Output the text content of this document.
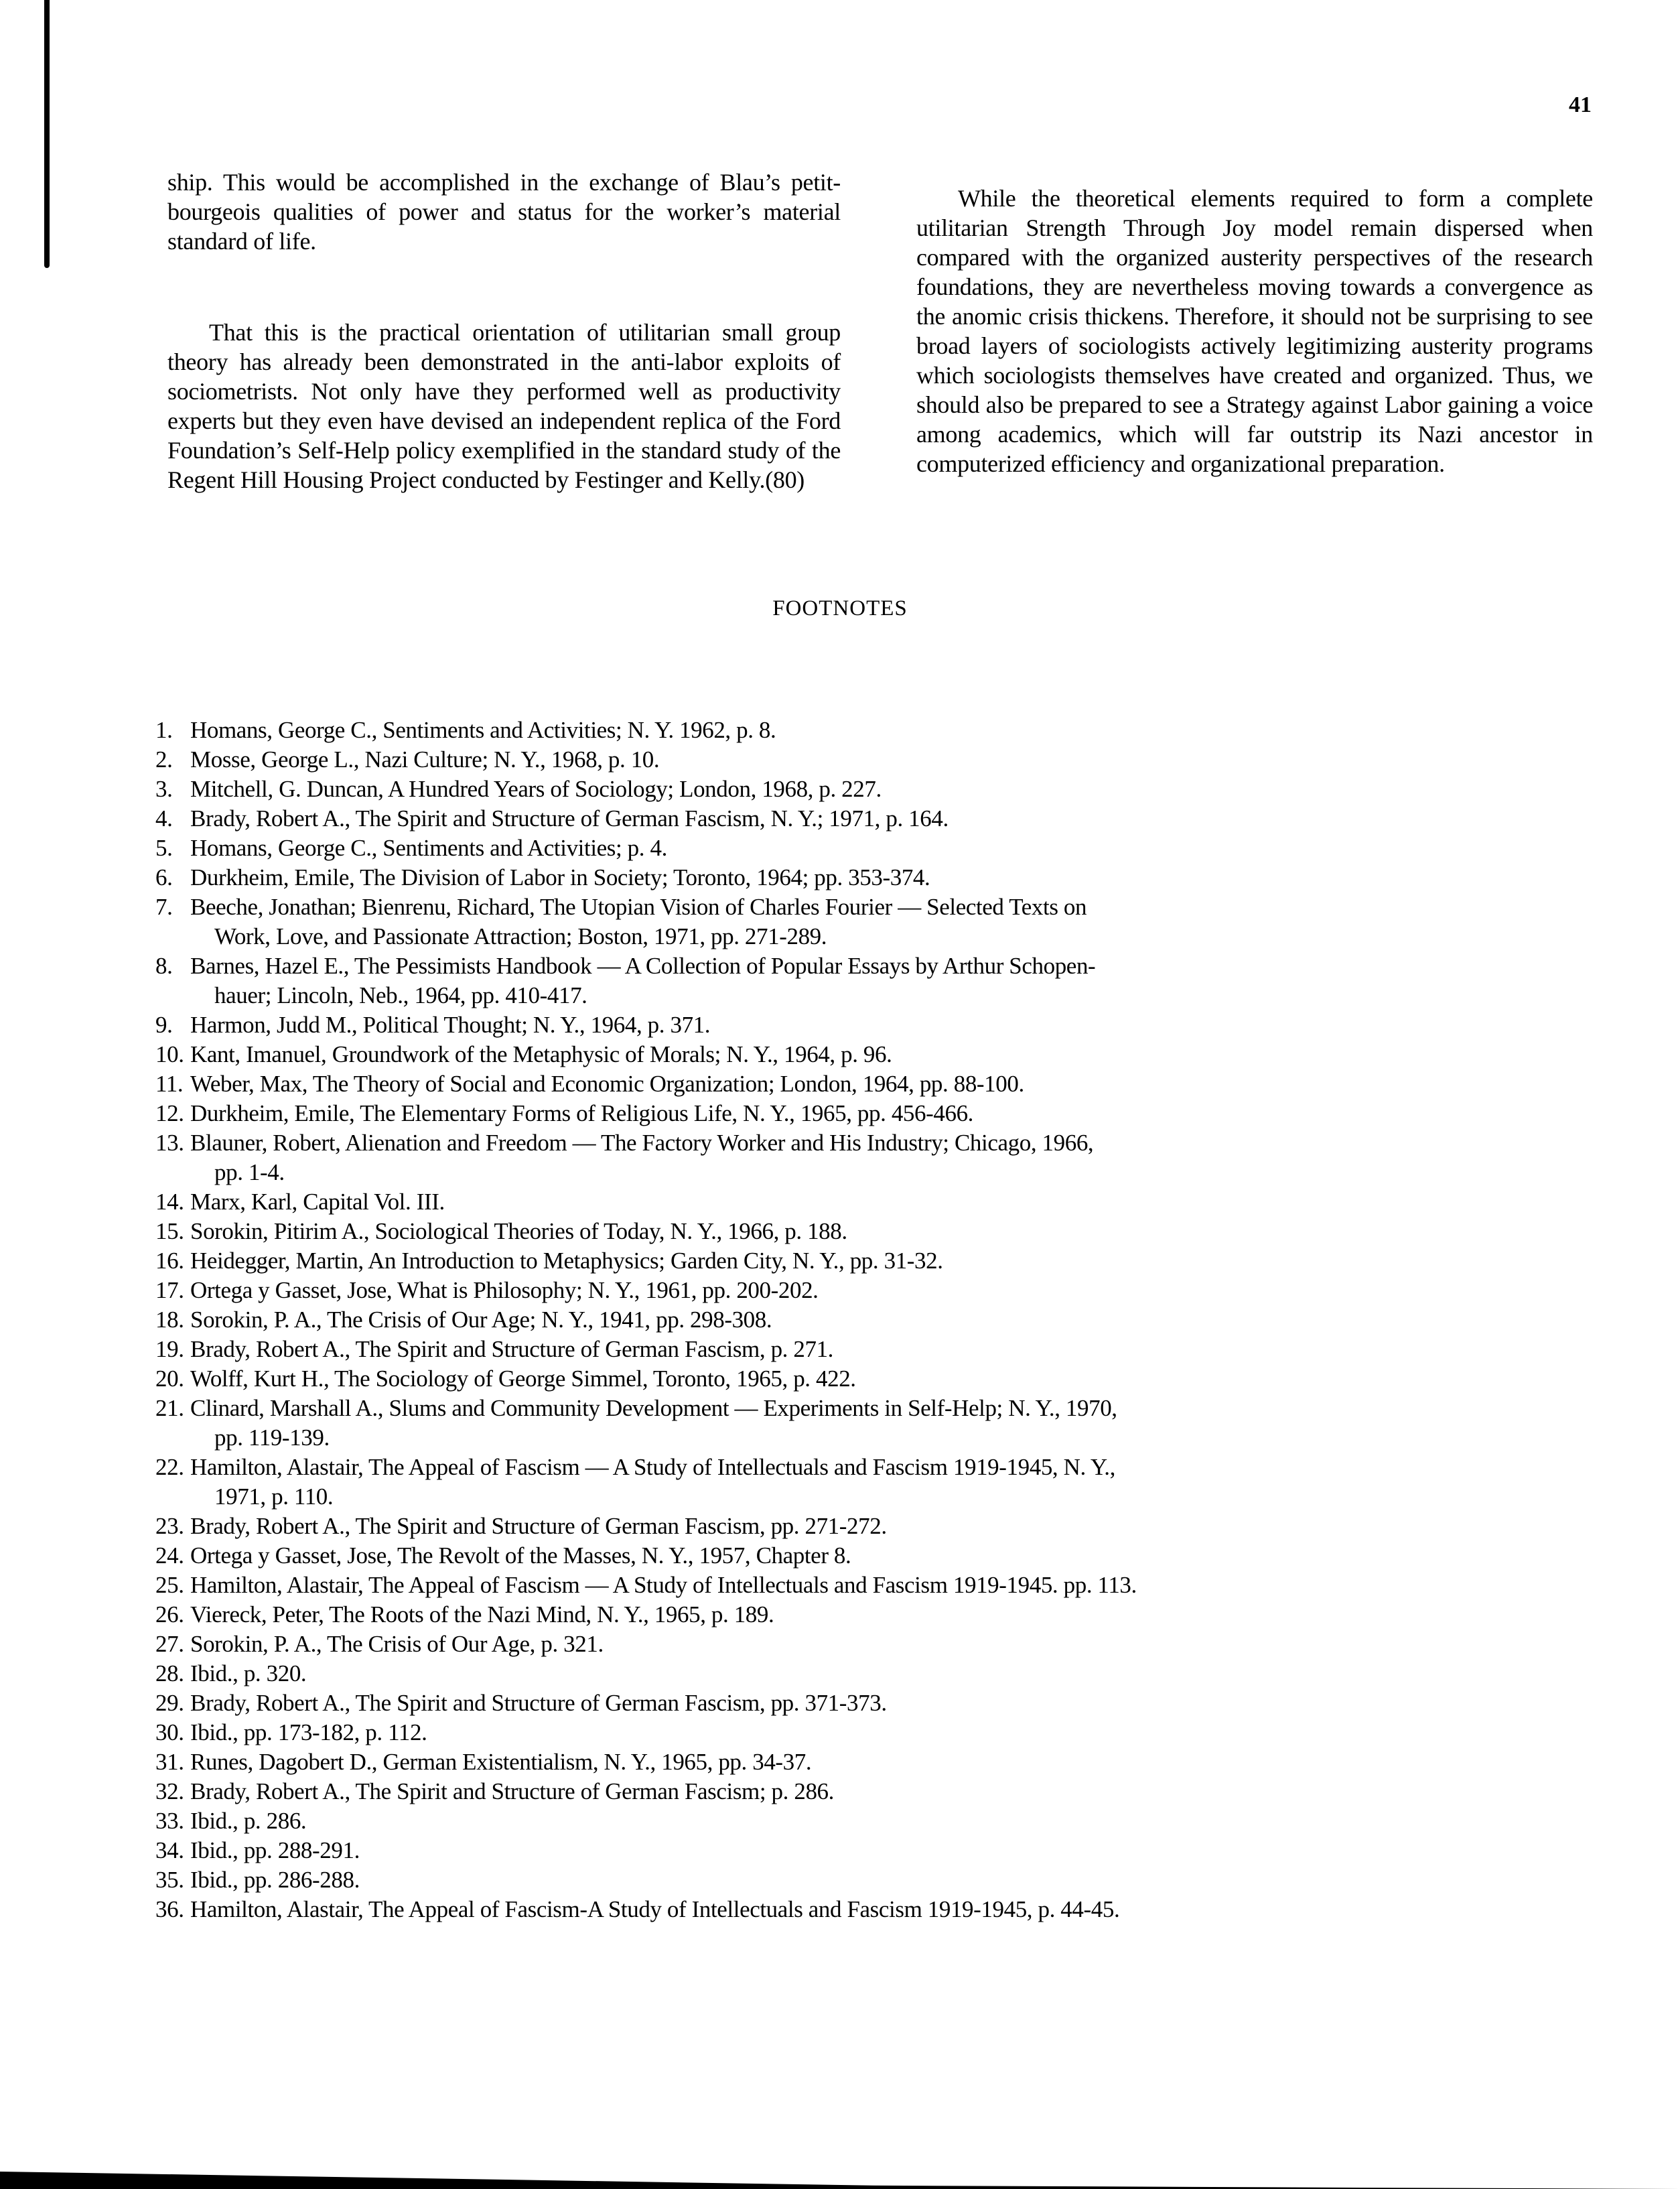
41

ship. This would be accomplished in the exchange of Blau’s petit-bourgeois qualities of power and status for the worker’s material standard of life.

That this is the practical orientation of utilitarian small group theory has already been demonstrated in the anti-labor exploits of sociometrists. Not only have they performed well as productivity experts but they even have devised an independent replica of the Ford Foundation’s Self-Help policy exemplified in the standard study of the Regent Hill Housing Project conducted by Festinger and Kelly.(80)

While the theoretical elements required to form a complete utilitarian Strength Through Joy model remain dispersed when compared with the organized austerity perspectives of the research foundations, they are nevertheless moving towards a convergence as the anomic crisis thickens. Therefore, it should not be surprising to see broad layers of sociologists actively legitimizing austerity programs which sociologists themselves have created and organized. Thus, we should also be prepared to see a Strategy against Labor gaining a voice among academics, which will far outstrip its Nazi ancestor in computerized efficiency and organizational preparation.

FOOTNOTES
1. Homans, George C., Sentiments and Activities; N. Y. 1962, p. 8.
2. Mosse, George L., Nazi Culture; N. Y., 1968, p. 10.
3. Mitchell, G. Duncan, A Hundred Years of Sociology; London, 1968, p. 227.
4. Brady, Robert A., The Spirit and Structure of German Fascism, N. Y.; 1971, p. 164.
5. Homans, George C., Sentiments and Activities; p. 4.
6. Durkheim, Emile, The Division of Labor in Society; Toronto, 1964; pp. 353-374.
7. Beeche, Jonathan; Bienrenu, Richard, The Utopian Vision of Charles Fourier — Selected Texts on
Work, Love, and Passionate Attraction; Boston, 1971, pp. 271-289.
8. Barnes, Hazel E., The Pessimists Handbook — A Collection of Popular Essays by Arthur Schopen-
hauer; Lincoln, Neb., 1964, pp. 410-417.
9. Harmon, Judd M., Political Thought; N. Y., 1964, p. 371.
10. Kant, Imanuel, Groundwork of the Metaphysic of Morals; N. Y., 1964, p. 96.
11. Weber, Max, The Theory of Social and Economic Organization; London, 1964, pp. 88-100.
12. Durkheim, Emile, The Elementary Forms of Religious Life, N. Y., 1965, pp. 456-466.
13. Blauner, Robert, Alienation and Freedom — The Factory Worker and His Industry; Chicago, 1966,
pp. 1-4.
14. Marx, Karl, Capital Vol. III.
15. Sorokin, Pitirim A., Sociological Theories of Today, N. Y., 1966, p. 188.
16. Heidegger, Martin, An Introduction to Metaphysics; Garden City, N. Y., pp. 31-32.
17. Ortega y Gasset, Jose, What is Philosophy; N. Y., 1961, pp. 200-202.
18. Sorokin, P. A., The Crisis of Our Age; N. Y., 1941, pp. 298-308.
19. Brady, Robert A., The Spirit and Structure of German Fascism, p. 271.
20. Wolff, Kurt H., The Sociology of George Simmel, Toronto, 1965, p. 422.
21. Clinard, Marshall A., Slums and Community Development — Experiments in Self-Help; N. Y., 1970,
pp. 119-139.
22. Hamilton, Alastair, The Appeal of Fascism — A Study of Intellectuals and Fascism 1919-1945, N. Y.,
1971, p. 110.
23. Brady, Robert A., The Spirit and Structure of German Fascism, pp. 271-272.
24. Ortega y Gasset, Jose, The Revolt of the Masses, N. Y., 1957, Chapter 8.
25. Hamilton, Alastair, The Appeal of Fascism — A Study of Intellectuals and Fascism 1919-1945. pp. 113.
26. Viereck, Peter, The Roots of the Nazi Mind, N. Y., 1965, p. 189.
27. Sorokin, P. A., The Crisis of Our Age, p. 321.
28. Ibid., p. 320.
29. Brady, Robert A., The Spirit and Structure of German Fascism, pp. 371-373.
30. Ibid., pp. 173-182, p. 112.
31. Runes, Dagobert D., German Existentialism, N. Y., 1965, pp. 34-37.
32. Brady, Robert A., The Spirit and Structure of German Fascism; p. 286.
33. Ibid., p. 286.
34. Ibid., pp. 288-291.
35. Ibid., pp. 286-288.
36. Hamilton, Alastair, The Appeal of Fascism-A Study of Intellectuals and Fascism 1919-1945, p. 44-45.
